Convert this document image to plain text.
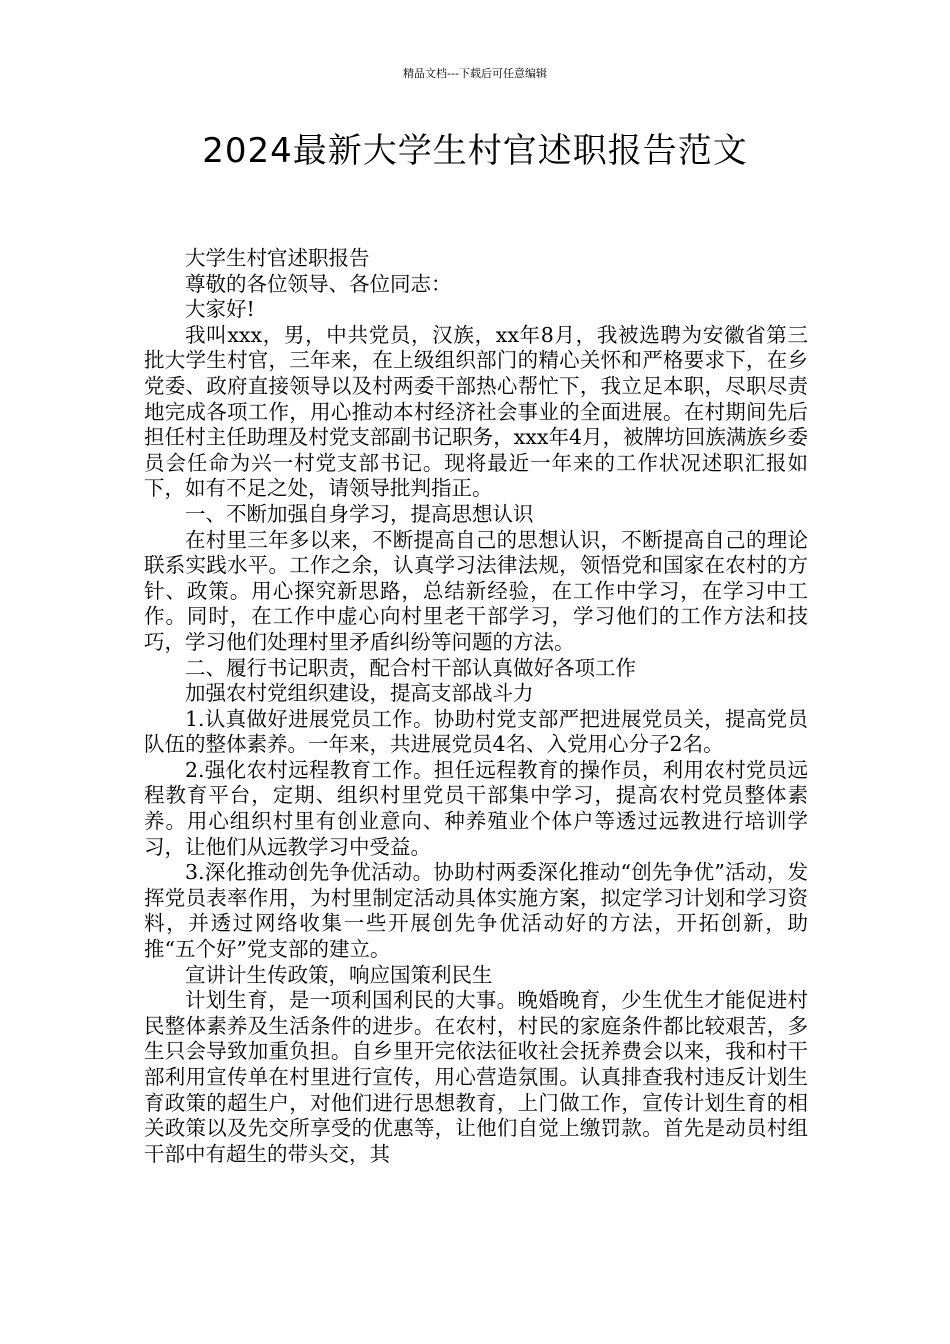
精品文档---下载后可任意编辑
2024最新大学生村官述职报告范文

大学生村官述职报告

尊敬的各位领导、各位同志：

大家好!

我叫xxx，男，中共党员，汉族，xx年8月，我被选聘为安徽省第三批大学生村官，三年来，在上级组织部门的精心关怀和严格要求下，在乡党委、政府直接领导以及村两委干部热心帮忙下，我立足本职，尽职尽责地完成各项工作，用心推动本村经济社会事业的全面进展。在村期间先后担任村主任助理及村党支部副书记职务，xxx年4月，被牌坊回族满族乡委员会任命为兴一村党支部书记。现将最近一年来的工作状况述职汇报如下，如有不足之处，请领导批判指正。

一、不断加强自身学习，提高思想认识

在村里三年多以来，不断提高自己的思想认识，不断提高自己的理论联系实践水平。工作之余，认真学习法律法规，领悟党和国家在农村的方针、政策。用心探究新思路，总结新经验，在工作中学习，在学习中工作。同时，在工作中虚心向村里老干部学习，学习他们的工作方法和技巧，学习他们处理村里矛盾纠纷等问题的方法。

二、履行书记职责，配合村干部认真做好各项工作

加强农村党组织建设，提高支部战斗力

1.认真做好进展党员工作。协助村党支部严把进展党员关，提高党员队伍的整体素养。一年来，共进展党员4名、入党用心分子2名。

2.强化农村远程教育工作。担任远程教育的操作员，利用农村党员远程教育平台，定期、组织村里党员干部集中学习，提高农村党员整体素养。用心组织村里有创业意向、种养殖业个体户等透过远教进行培训学习，让他们从远教学习中受益。

3.深化推动创先争优活动。协助村两委深化推动“创先争优”活动，发挥党员表率作用，为村里制定活动具体实施方案，拟定学习计划和学习资料，并透过网络收集一些开展创先争优活动好的方法，开拓创新，助推“五个好”党支部的建立。

宣讲计生传政策，响应国策利民生

计划生育，是一项利国利民的大事。晚婚晚育，少生优生才能促进村民整体素养及生活条件的进步。在农村，村民的家庭条件都比较艰苦，多生只会导致加重负担。自乡里开完依法征收社会抚养费会以来，我和村干部利用宣传单在村里进行宣传，用心营造氛围。认真排查我村违反计划生育政策的超生户，对他们进行思想教育，上门做工作，宣传计划生育的相关政策以及先交所享受的优惠等，让他们自觉上缴罚款。首先是动员村组干部中有超生的带头交，其
